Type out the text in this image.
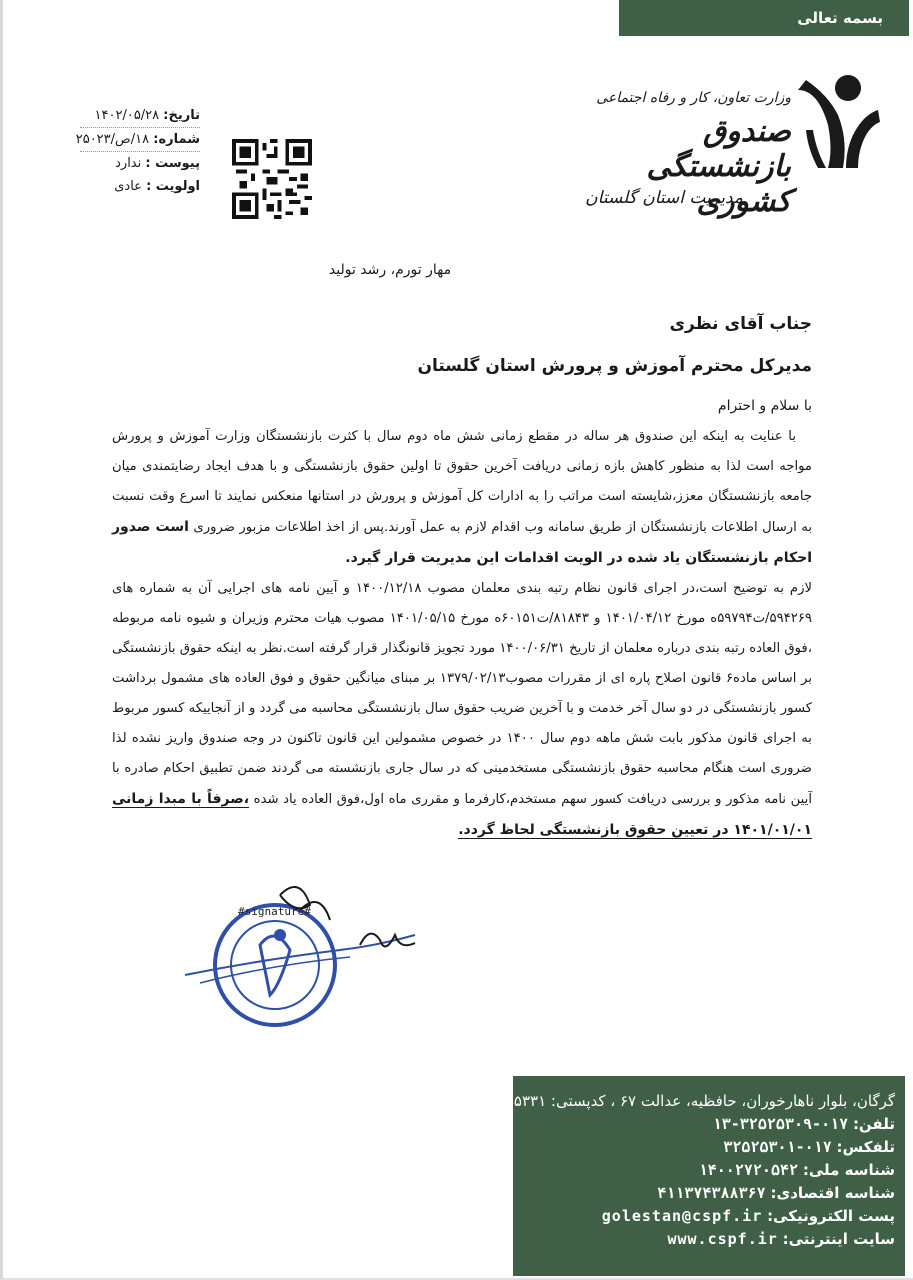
بسمه تعالی
وزارت تعاون، کار و رفاه اجتماعی
صندوق بازنشستگی کشوری
مدیریت استان گلستان
تاریخ: ۱۴۰۲/۰۵/۲۸
شماره: ۱۸/ص/۲۵۰۲۳
پیوست : ندارد
اولویت : عادی
مهار تورم، رشد تولید
جناب آقای نظری
مدیرکل محترم آموزش و پرورش استان گلستان
با سلام و احترام
با عنایت به اینکه این صندوق هر ساله در مقطع زمانی شش ماه دوم سال با کثرت بازنشستگان وزارت آموزش و پرورش مواجه است لذا به منظور کاهش بازه زمانی دریافت آخرین حقوق تا اولین حقوق بازنشستگی و با هدف ایجاد رضایتمندی میان جامعه بازنشستگان معزز،شایسته است مراتب را به ادارات کل آموزش و پرورش در استانها منعکس نمایند تا اسرع وقت نسبت به ارسال اطلاعات بازنشستگان از طریق سامانه وب اقدام لازم به عمل آورند.پس از اخذ اطلاعات مزبور ضروری است صدور احکام بازنشستگان یاد شده در الویت اقدامات این مدیریت قرار گیرد.
لازم به توضیح است،در اجرای قانون نظام رتبه بندی معلمان مصوب ۱۴۰۰/۱۲/۱۸ و آیین نامه های اجرایی آن به شماره های ۵۹۴۲۶۹/ت۵۹۷۹۴ه مورخ ۱۴۰۱/۰۴/۱۲ و ۸۱۸۴۳/ت۶۰۱۵۱ه مورخ ۱۴۰۱/۰۵/۱۵ مصوب هیات محترم وزیران و شیوه نامه مربوطه ،فوق العاده رتبه بندی درباره معلمان از تاریخ ۱۴۰۰/۰۶/۳۱ مورد تجویز قانونگذار قرار گرفته است.نظر به اینکه حقوق بازنشستگی بر اساس ماده۶ قانون اصلاح پاره ای از مقررات مصوب۱۳۷۹/۰۲/۱۳ بر مبنای میانگین حقوق و فوق العاده های مشمول برداشت کسور بازنشستگی در دو سال آخر خدمت و با آخرین ضریب حقوق سال بازنشستگی محاسبه می گردد و از آنجاییکه کسور مربوط به اجرای قانون مذکور بابت شش ماهه دوم سال ۱۴۰۰ در خصوص مشمولین این قانون تاکنون در وجه صندوق واریز نشده لذا ضروری است هنگام محاسبه حقوق بازنشستگی مستخدمینی که در سال جاری بازنشسته می گردند ضمن تطبیق احکام صادره با آیین نامه مذکور و بررسی دریافت کسور سهم مستخدم،کارفرما و مقرری ماه اول،فوق العاده یاد شده ،صرفاً با مبدا زمانی ۱۴۰۱/۰۱/۰۱ در تعیین حقوق بازنشستگی لحاظ گردد.
#signature#
گرگان، بلوار ناهارخوران، حافظیه، عدالت ۶۷ ، کدپستی: ۴۹۱۷۸۴۵۳۳۱
تلفن: ۰۱۷-۳۲۵۲۵۳۰۹-۱۳
تلفکس: ۰۱۷-۳۲۵۲۵۳۰۱
شناسه ملی: ۱۴۰۰۲۷۲۰۵۴۲
شناسه اقتصادی: ۴۱۱۳۷۴۳۸۸۳۶۷
پست الکترونیکی: golestan@cspf.ir
سایت اینترنتی: www.cspf.ir
